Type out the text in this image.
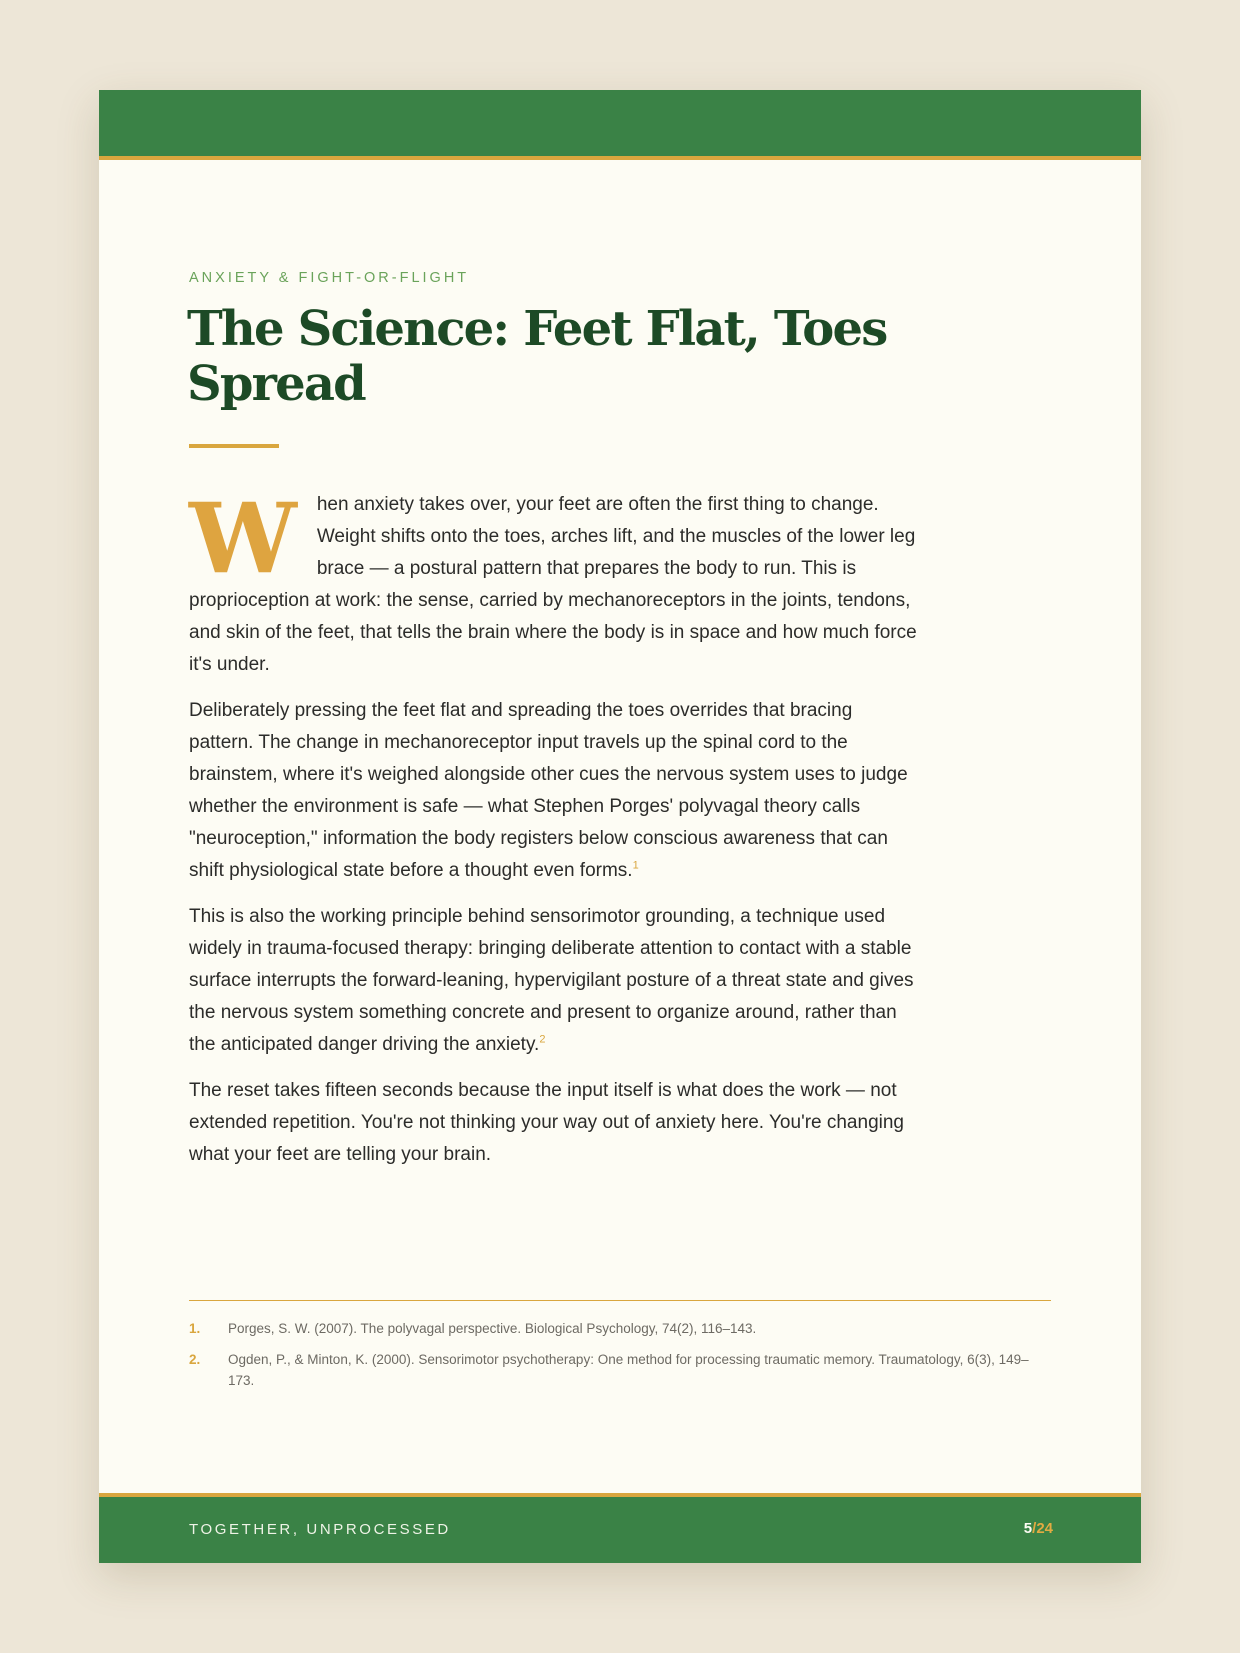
ANXIETY & FIGHT-OR-FLIGHT
The Science: Feet Flat, Toes Spread

W hen anxiety takes over, your feet are often the first thing to change. Weight shifts onto the toes, arches lift, and the muscles of the lower leg brace — a postural pattern that prepares the body to run. This is proprioception at work: the sense, carried by mechanoreceptors in the joints, tendons, and skin of the feet, that tells the brain where the body is in space and how much force it's under.

Deliberately pressing the feet flat and spreading the toes overrides that bracing pattern. The change in mechanoreceptor input travels up the spinal cord to the brainstem, where it's weighed alongside other cues the nervous system uses to judge whether the environment is safe — what Stephen Porges' polyvagal theory calls "neuroception," information the body registers below conscious awareness that can shift physiological state before a thought even forms.$^1$

This is also the working principle behind sensorimotor grounding, a technique used widely in trauma-focused therapy: bringing deliberate attention to contact with a stable surface interrupts the forward-leaning, hypervigilant posture of a threat state and gives the nervous system something concrete and present to organize around, rather than the anticipated danger driving the anxiety.$^2$

The reset takes fifteen seconds because the input itself is what does the work — not extended repetition. You're not thinking your way out of anxiety here. You're changing what your feet are telling your brain.

1. Porges, S. W. (2007). The polyvagal perspective. Biological Psychology, 74(2), 116–143.
2. Ogden, P., & Minton, K. (2000). Sensorimotor psychotherapy: One method for processing traumatic memory. Traumatology, 6(3), 149–173.
TOGETHER, UNPROCESSED	5/24
